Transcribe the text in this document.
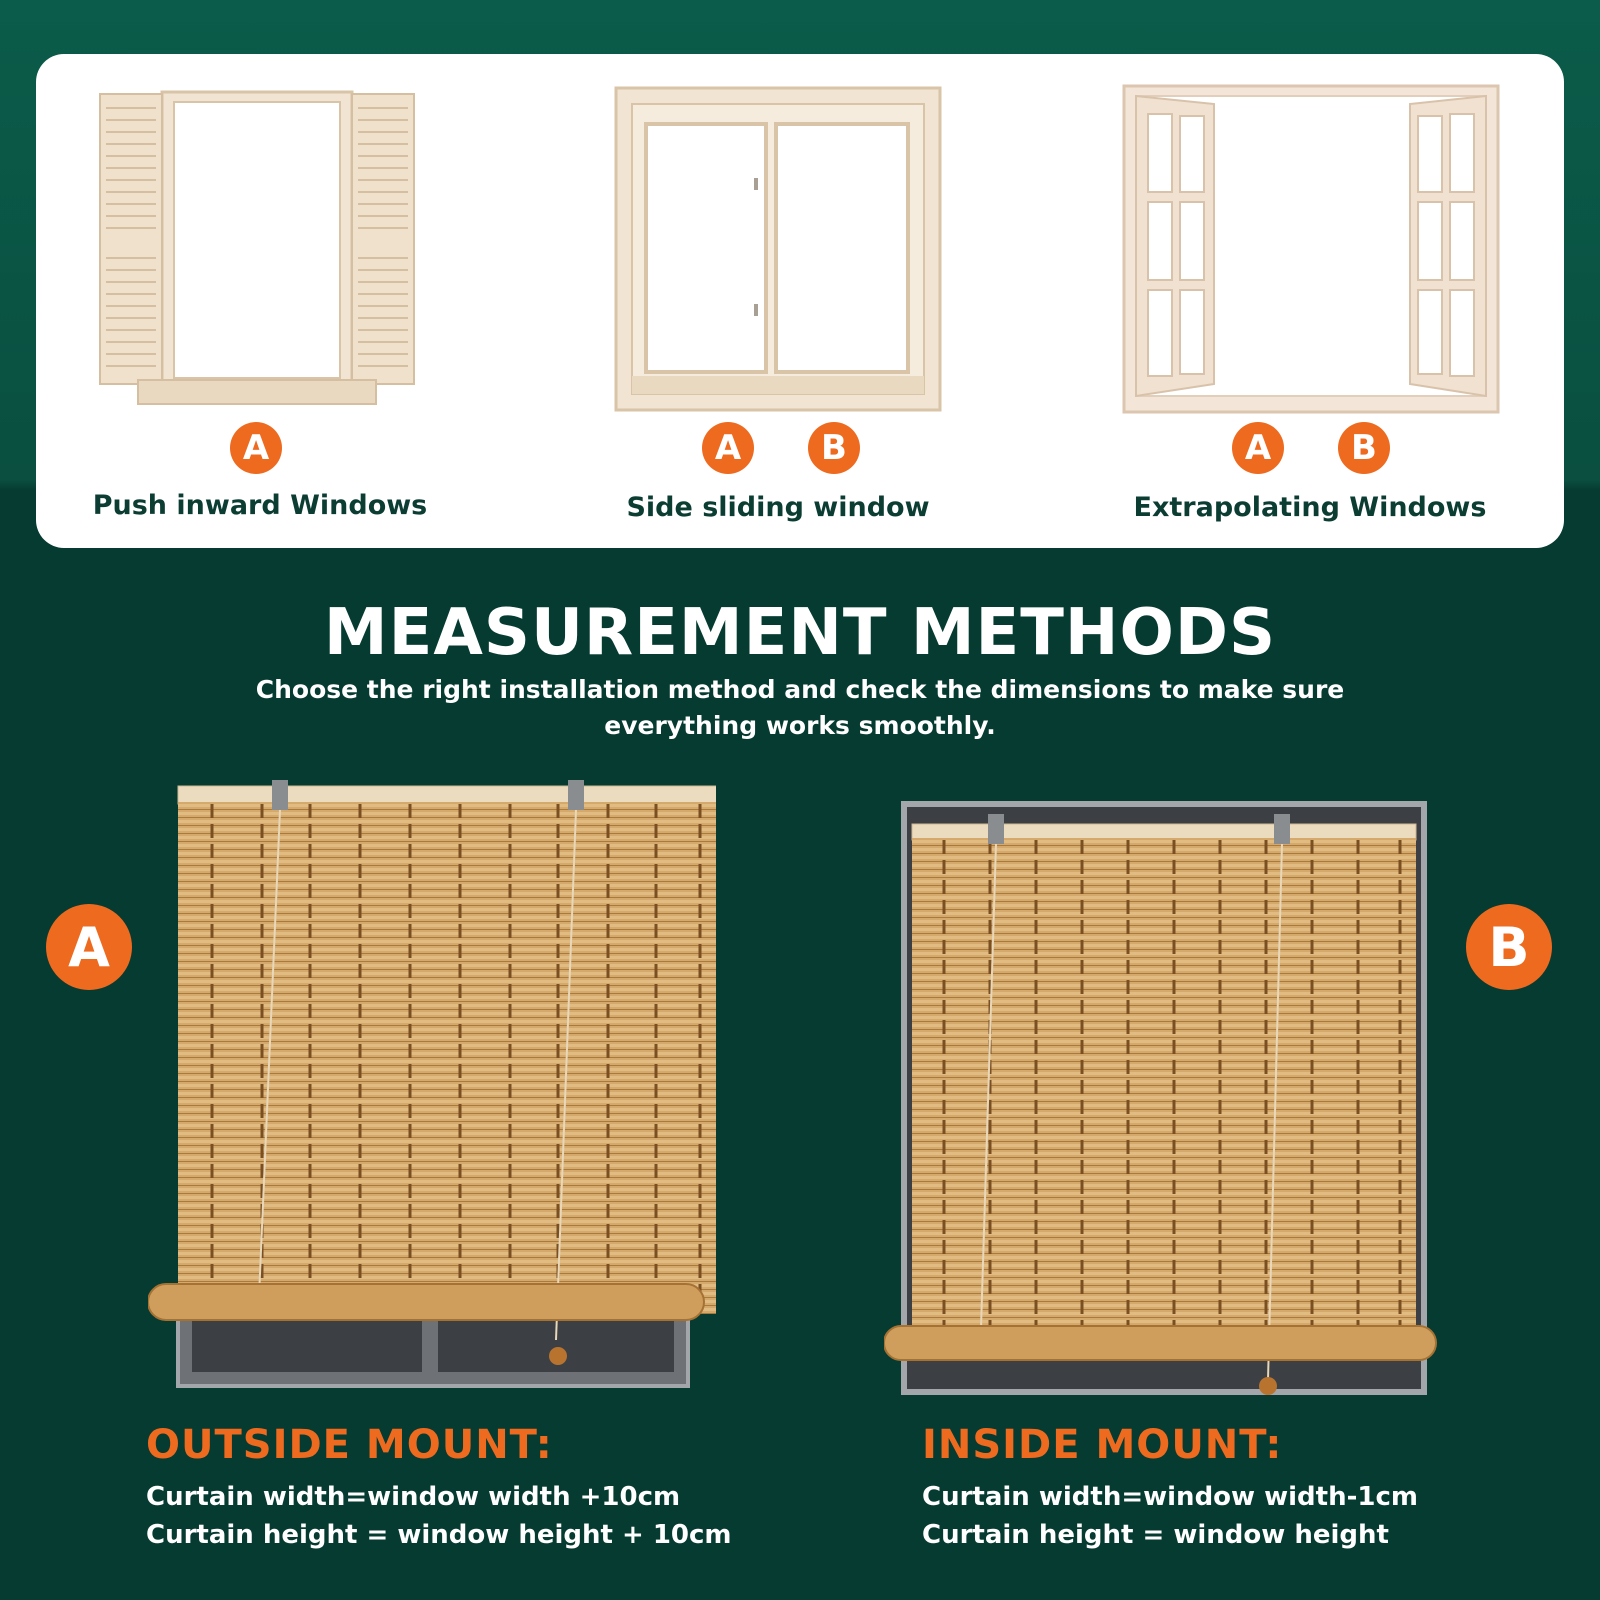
A	A	B	A	B
Push inward Windows	Side sliding window	Extrapolating Windows
MEASUREMENT METHODS
Choose the right installation method and check the dimensions to make sure everything works smoothly.
A	B
OUTSIDE MOUNT:
Curtain width=window width +10cm
Curtain height = window height + 10cm
INSIDE MOUNT:
Curtain width=window width-1cm
Curtain height = window height
